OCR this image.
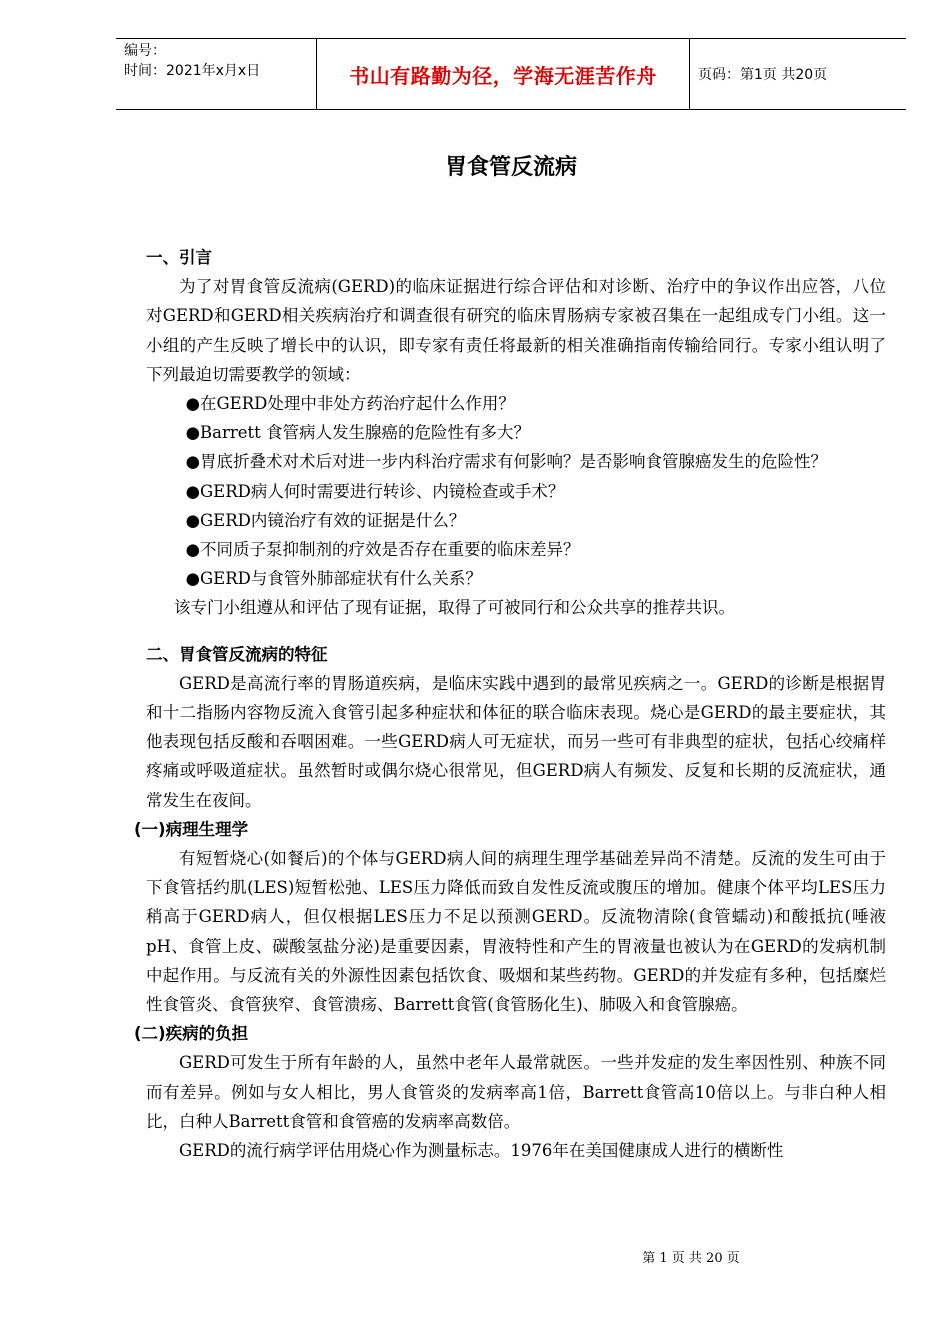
编号：
时间：2021年x月x日	书山有路勤为径，学海无涯苦作舟	页码：第1页 共20页
胃食管反流病
一、引言

为了对胃食管反流病(GERD)的临床证据进行综合评估和对诊断、治疗中的争议作出应答，八位对GERD和GERD相关疾病治疗和调查很有研究的临床胃肠病专家被召集在一起组成专门小组。这一小组的产生反映了增长中的认识，即专家有责任将最新的相关准确指南传输给同行。专家小组认明了下列最迫切需要教学的领域：

●在GERD处理中非处方药治疗起什么作用？
●Barrett 食管病人发生腺癌的危险性有多大？
●胃底折叠术对术后对进一步内科治疗需求有何影响？是否影响食管腺癌发生的危险性？
●GERD病人何时需要进行转诊、内镜检查或手术？
●GERD内镜治疗有效的证据是什么？
●不同质子泵抑制剂的疗效是否存在重要的临床差异？
●GERD与食管外肺部症状有什么关系？
该专门小组遵从和评估了现有证据，取得了可被同行和公众共享的推荐共识。
二、胃食管反流病的特征

GERD是高流行率的胃肠道疾病，是临床实践中遇到的最常见疾病之一。GERD的诊断是根据胃和十二指肠内容物反流入食管引起多种症状和体征的联合临床表现。烧心是GERD的最主要症状，其他表现包括反酸和吞咽困难。一些GERD病人可无症状，而另一些可有非典型的症状，包括心绞痛样疼痛或呼吸道症状。虽然暂时或偶尔烧心很常见，但GERD病人有频发、反复和长期的反流症状，通常发生在夜间。

(一)病理生理学

有短暂烧心(如餐后)的个体与GERD病人间的病理生理学基础差异尚不清楚。反流的发生可由于下食管括约肌(LES)短暂松弛、LES压力降低而致自发性反流或腹压的增加。健康个体平均LES压力稍高于GERD病人，但仅根据LES压力不足以预测GERD。反流物清除(食管蠕动)和酸抵抗(唾液pH、食管上皮、碳酸氢盐分泌)是重要因素，胃液特性和产生的胃液量也被认为在GERD的发病机制中起作用。与反流有关的外源性因素包括饮食、吸烟和某些药物。GERD的并发症有多种，包括糜烂性食管炎、食管狭窄、食管溃疡、Barrett食管(食管肠化生)、肺吸入和食管腺癌。

(二)疾病的负担

GERD可发生于所有年龄的人，虽然中老年人最常就医。一些并发症的发生率因性别、种族不同而有差异。例如与女人相比，男人食管炎的发病率高1倍，Barrett食管高10倍以上。与非白种人相比，白种人Barrett食管和食管癌的发病率高数倍。

GERD的流行病学评估用烧心作为测量标志。1976年在美国健康成人进行的横断性

第 1 页 共 20 页
